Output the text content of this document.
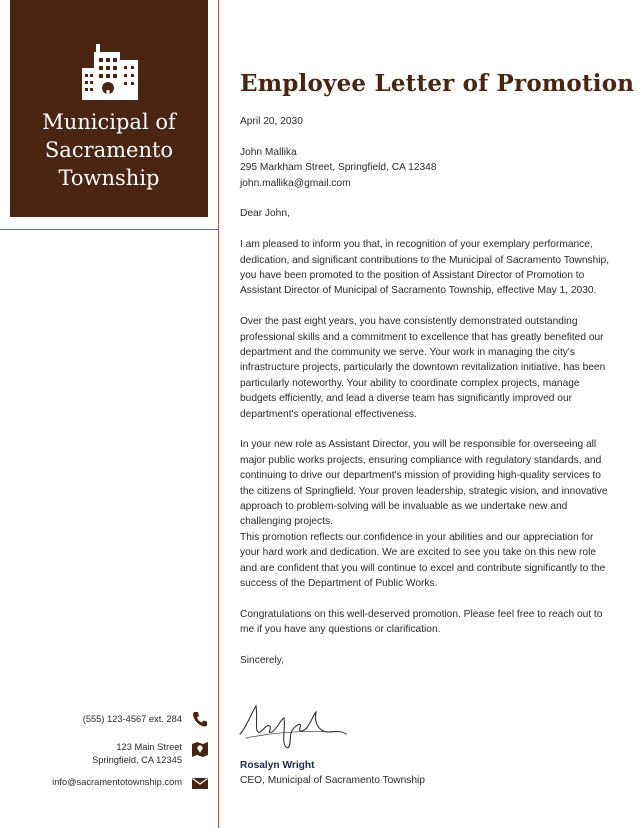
Municipal of
Sacramento
Township
Employee Letter of Promotion

April 20, 2030

John Mallika

295 Markham Street, Springfield, CA 12348

john.mallika@gmail.com

Dear John,

I am pleased to inform you that, in recognition of your exemplary performance, dedication, and significant contributions to the Municipal of Sacramento Township, you have been promoted to the position of Assistant Director of Promotion to Assistant Director of Municipal of Sacramento Township, effective May 1, 2030.

Over the past eight years, you have consistently demonstrated outstanding professional skills and a commitment to excellence that has greatly benefited our department and the community we serve. Your work in managing the city's infrastructure projects, particularly the downtown revitalization initiative, has been particularly noteworthy. Your ability to coordinate complex projects, manage budgets efficiently, and lead a diverse team has significantly improved our department's operational effectiveness.

In your new role as Assistant Director, you will be responsible for overseeing all major public works projects, ensuring compliance with regulatory standards, and continuing to drive our department's mission of providing high-quality services to the citizens of Springfield. Your proven leadership, strategic vision, and innovative approach to problem-solving will be invaluable as we undertake new and challenging projects.

This promotion reflects our confidence in your abilities and our appreciation for your hard work and dedication. We are excited to see you take on this new role and are confident that you will continue to excel and contribute significantly to the success of the Department of Public Works.

Congratulations on this well-deserved promotion. Please feel free to reach out to me if you have any questions or clarification.

Sincerely,

Rosalyn Wright
CEO, Municipal of Sacramento Township
(555) 123-4567 ext. 284
123 Main Street
Springfield, CA 12345
info@sacramentotownship.com
